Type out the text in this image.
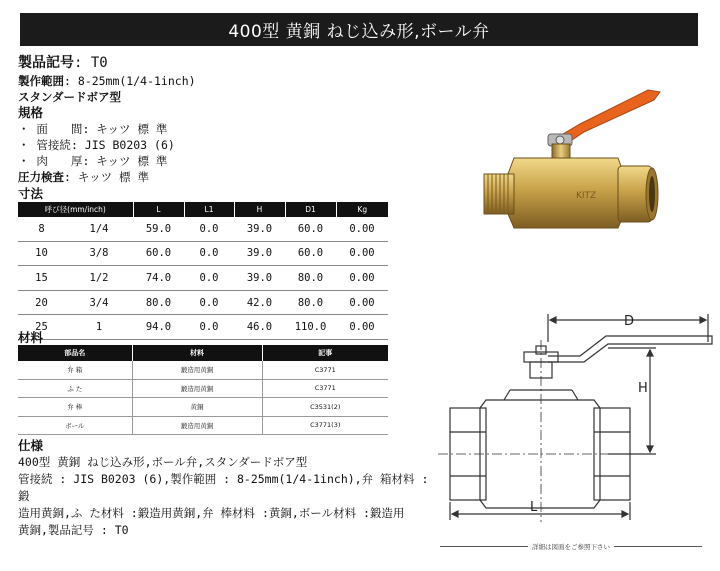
400型 黄銅 ねじ込み形,ボール弁
製品記号: T0
製作範囲: 8-25mm(1/4-1inch)
スタンダードボア型
規格
・ 面　　間: キッツ 標 準
・ 管接続: JIS B0203 (6)
・ 肉　　厚: キッツ 標 準
圧力検査: キッツ 標 準
寸法
呼び径(mm/inch)		L	L1	H	D1	Kg
8	1/4	59.0	0.0	39.0	60.0	0.00
10	3/8	60.0	0.0	39.0	60.0	0.00
15	1/2	74.0	0.0	39.0	80.0	0.00
20	3/4	80.0	0.0	42.0	80.0	0.00
25	1	94.0	0.0	46.0	110.0	0.00
材料
部品名	材料	記事
弁 箱	鍛造用黄銅	C3771
ふ た	鍛造用黄銅	C3771
弁 棒	黄銅	C3531(2)
ボール	鍛造用黄銅	C3771(3)
仕様
400型 黄銅 ねじ込み形,ボール弁,スタンダードボア型
管接続 : JIS B0203 (6),製作範囲 : 8-25mm(1/4-1inch),弁 箱材料 :鍛
造用黄銅,ふ た材料 :鍛造用黄銅,弁 棒材料 :黄銅,ボール材料 :鍛造用
黄銅,製品記号 : T0
KITZ
D
H
L
詳細は図面をご参照下さい
